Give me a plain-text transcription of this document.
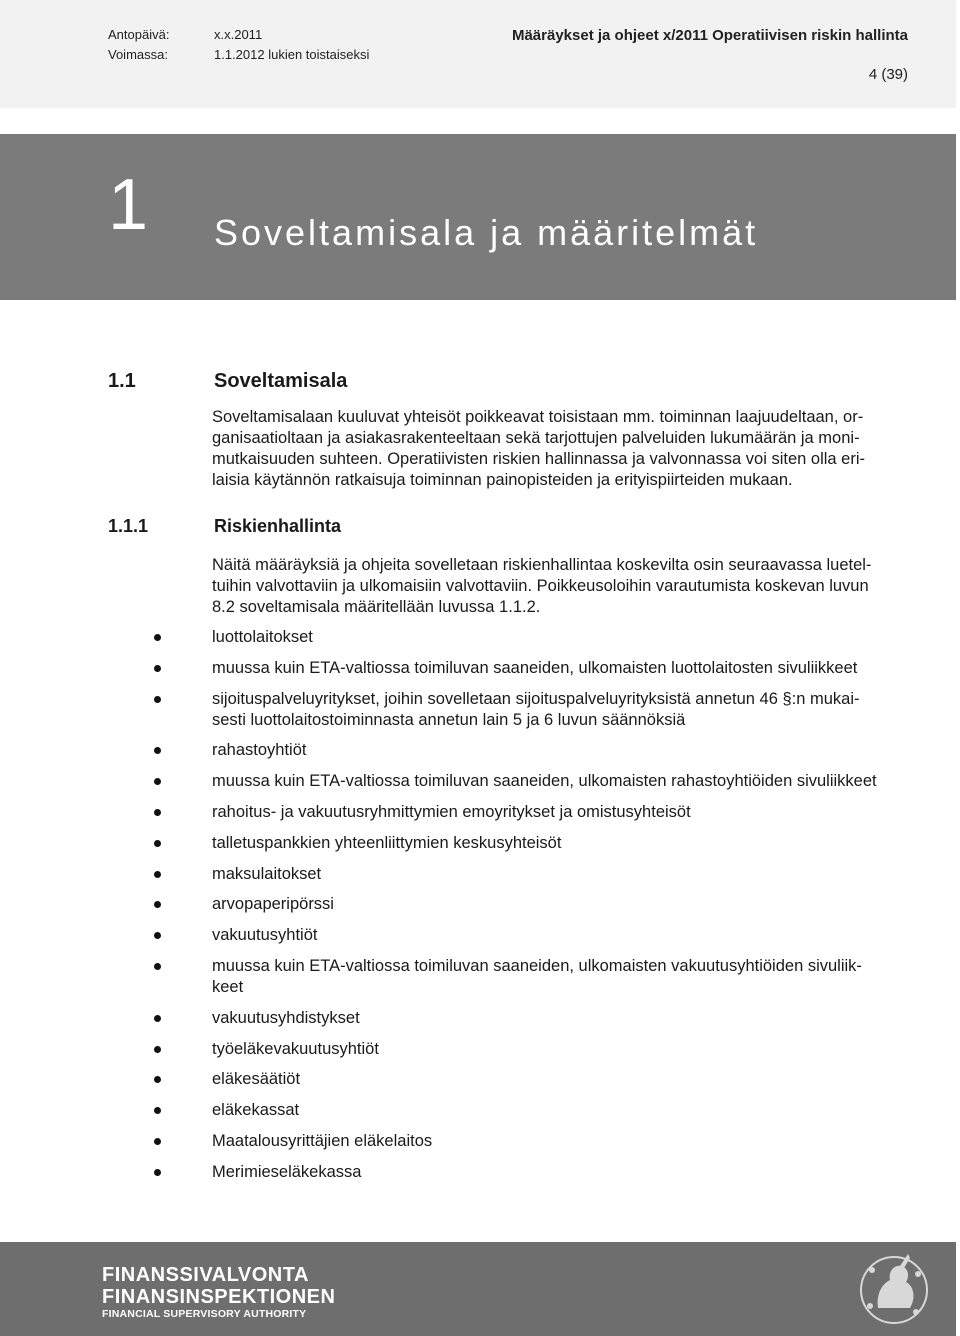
Antopäivä:	x.x.2011
Voimassa:	1.1.2012 lukien toistaiseksi
Määräykset ja ohjeet x/2011 Operatiivisen riskin hallinta
4 (39)
1 Soveltamisala ja määritelmät
1.1	Soveltamisala
Soveltamisalaan kuuluvat yhteisöt poikkeavat toisistaan mm. toiminnan laajuudeltaan, or-
ganisaatioltaan ja asiakasrakenteeltaan sekä tarjottujen palveluiden lukumäärän ja moni-
mutkaisuuden suhteen. Operatiivisten riskien hallinnassa ja valvonnassa voi siten olla eri-
laisia käytännön ratkaisuja toiminnan painopisteiden ja erityispiirteiden mukaan.
1.1.1	Riskienhallinta
Näitä määräyksiä ja ohjeita sovelletaan riskienhallintaa koskevilta osin seuraavassa luetel-
tuihin valvottaviin ja ulkomaisiin valvottaviin. Poikkeusoloihin varautumista koskevan luvun
8.2 soveltamisala määritellään luvussa 1.1.2.
luottolaitokset
muussa kuin ETA-valtiossa toimiluvan saaneiden, ulkomaisten luottolaitosten sivuliikkeet
sijoituspalveluyritykset, joihin sovelletaan sijoituspalveluyrityksistä annetun 46 §:n mukai-
sesti luottolaitostoiminnasta annetun lain 5 ja 6 luvun säännöksiä
rahastoyhtiöt
muussa kuin ETA-valtiossa toimiluvan saaneiden, ulkomaisten rahastoyhtiöiden sivuliikkeet
rahoitus- ja vakuutusryhmittymien emoyritykset ja omistusyhteisöt
talletuspankkien yhteenliittymien keskusyhteisöt
maksulaitokset
arvopaperipörssi
vakuutusyhtiöt
muussa kuin ETA-valtiossa toimiluvan saaneiden, ulkomaisten vakuutusyhtiöiden sivuliik-
keet
vakuutusyhdistykset
työeläkevakuutusyhtiöt
eläkesäätiöt
eläkekassat
Maatalousyrittäjien eläkelaitos
Merimieseläkekassa
FINANSSIVALVONTA
FINANSINSPEKTIONEN
FINANCIAL SUPERVISORY AUTHORITY
